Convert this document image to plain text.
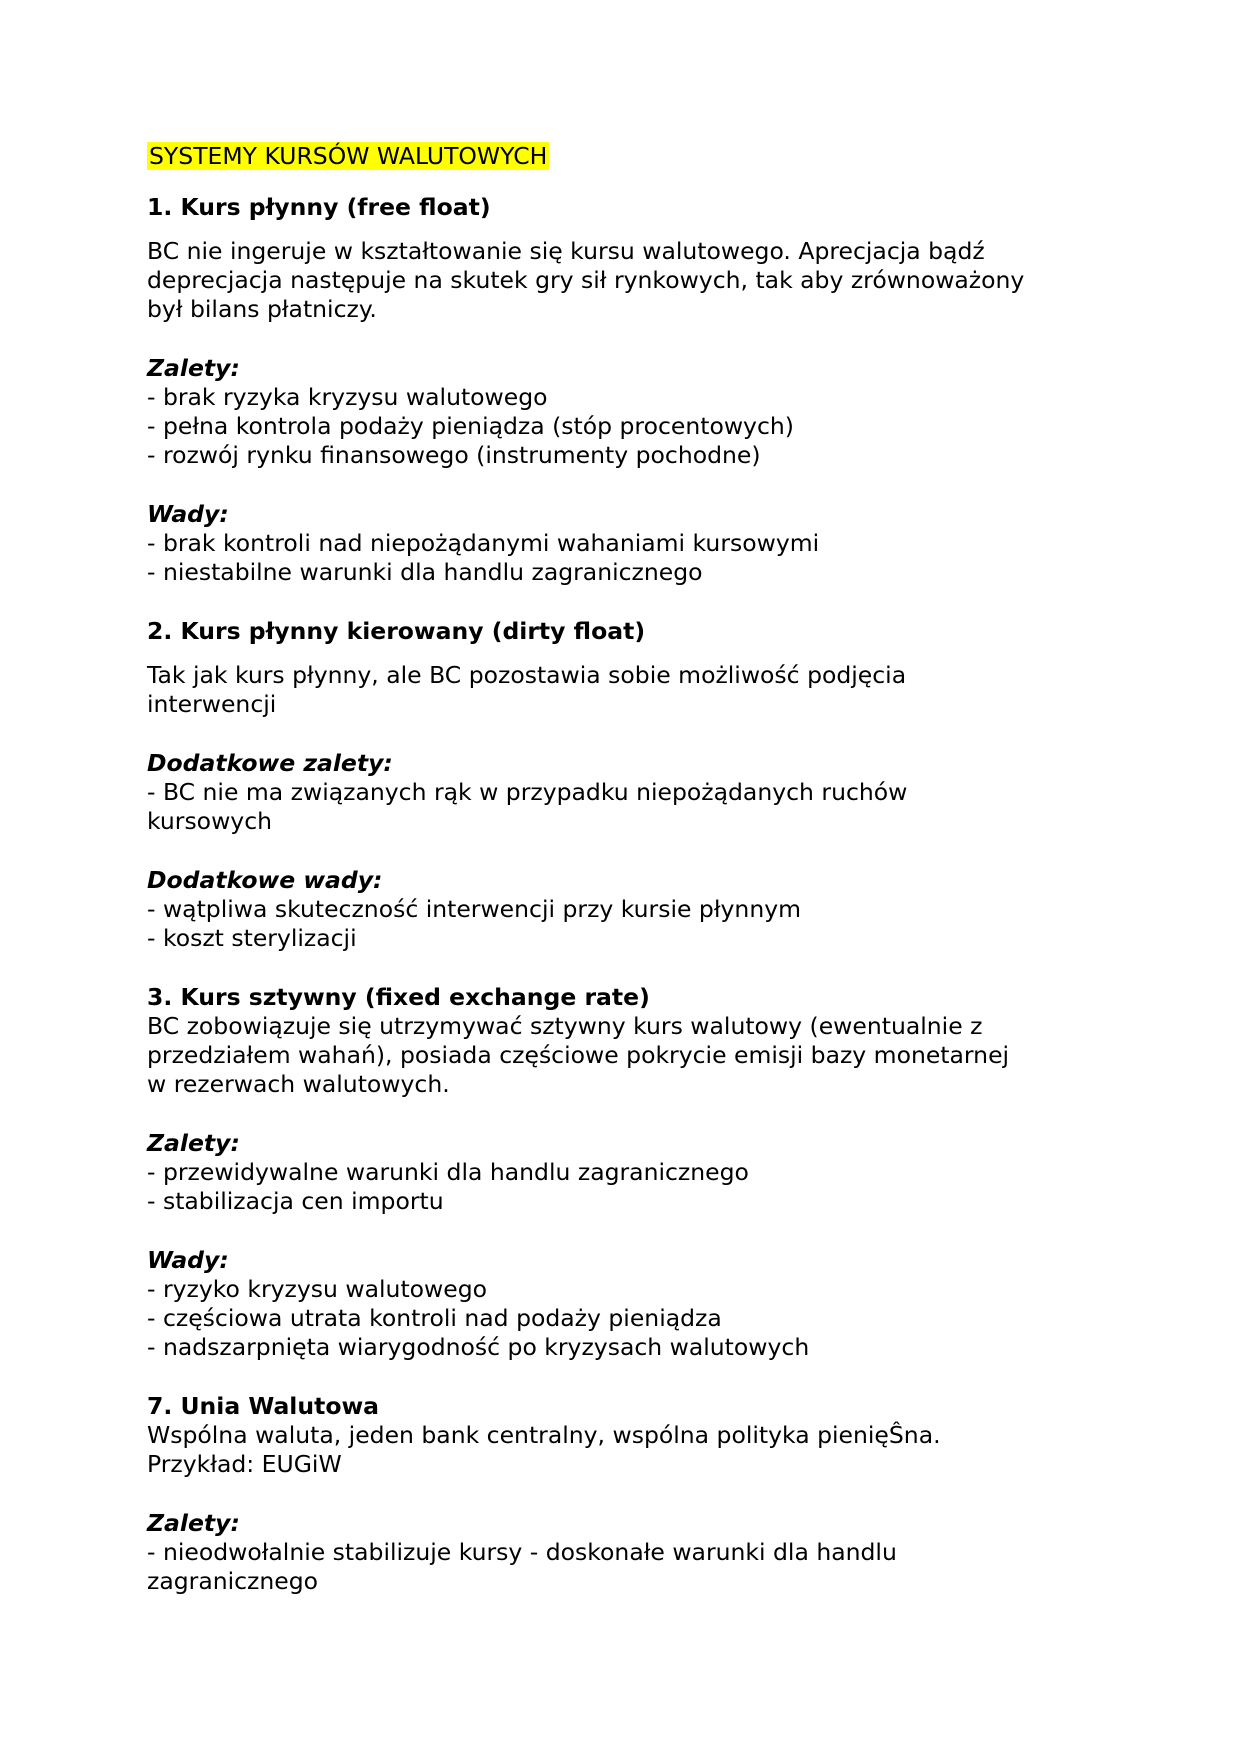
SYSTEMY KURSÓW WALUTOWYCH
1. Kurs płynny (free float)
BC nie ingeruje w kształtowanie się kursu walutowego. Aprecjacja bądź
deprecjacja następuje na skutek gry sił rynkowych, tak aby zrównoważony
był bilans płatniczy.
Zalety:
- brak ryzyka kryzysu walutowego
- pełna kontrola podaży pieniądza (stóp procentowych)
- rozwój rynku finansowego (instrumenty pochodne)
Wady:
- brak kontroli nad niepożądanymi wahaniami kursowymi
- niestabilne warunki dla handlu zagranicznego
2. Kurs płynny kierowany (dirty float)
Tak jak kurs płynny, ale BC pozostawia sobie możliwość podjęcia
interwencji
Dodatkowe zalety:
- BC nie ma związanych rąk w przypadku niepożądanych ruchów
kursowych
Dodatkowe wady:
- wątpliwa skuteczność interwencji przy kursie płynnym
- koszt sterylizacji
3. Kurs sztywny (fixed exchange rate)
BC zobowiązuje się utrzymywać sztywny kurs walutowy (ewentualnie z
przedziałem wahań), posiada częściowe pokrycie emisji bazy monetarnej
w rezerwach walutowych.
Zalety:
- przewidywalne warunki dla handlu zagranicznego
- stabilizacja cen importu
Wady:
- ryzyko kryzysu walutowego
- częściowa utrata kontroli nad podaży pieniądza
- nadszarpnięta wiarygodność po kryzysach walutowych
7. Unia Walutowa
Wspólna waluta, jeden bank centralny, wspólna polityka pienięŜna.
Przykład: EUGiW
Zalety:
- nieodwołalnie stabilizuje kursy - doskonałe warunki dla handlu
zagranicznego
